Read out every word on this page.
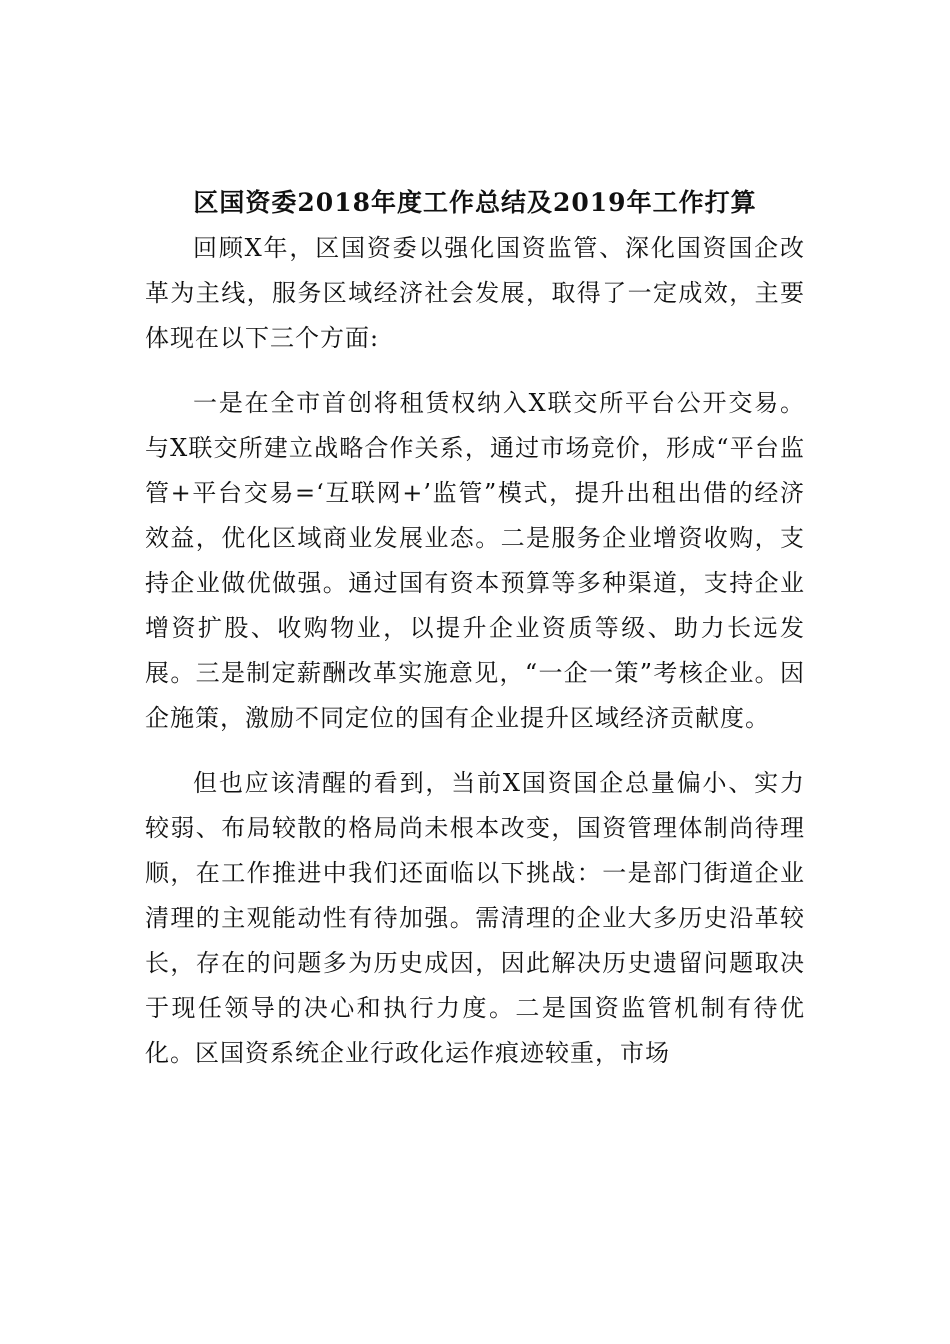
区国资委2018年度工作总结及2019年工作打算

回顾X年，区国资委以强化国资监管、深化国资国企改革为主线，服务区域经济社会发展，取得了一定成效，主要体现在以下三个方面:

一是在全市首创将租赁权纳入X联交所平台公开交易。与X联交所建立战略合作关系，通过市场竞价，形成“平台监管+平台交易=‘互联网+’监管”模式，提升出租出借的经济效益，优化区域商业发展业态。二是服务企业增资收购，支持企业做优做强。通过国有资本预算等多种渠道，支持企业增资扩股、收购物业，以提升企业资质等级、助力长远发展。三是制定薪酬改革实施意见，“一企一策”考核企业。因企施策，激励不同定位的国有企业提升区域经济贡献度。

但也应该清醒的看到，当前X国资国企总量偏小、实力较弱、布局较散的格局尚未根本改变，国资管理体制尚待理顺，在工作推进中我们还面临以下挑战：一是部门街道企业清理的主观能动性有待加强。需清理的企业大多历史沿革较长，存在的问题多为历史成因，因此解决历史遗留问题取决于现任领导的决心和执行力度。二是国资监管机制有待优化。区国资系统企业行政化运作痕迹较重，市场
